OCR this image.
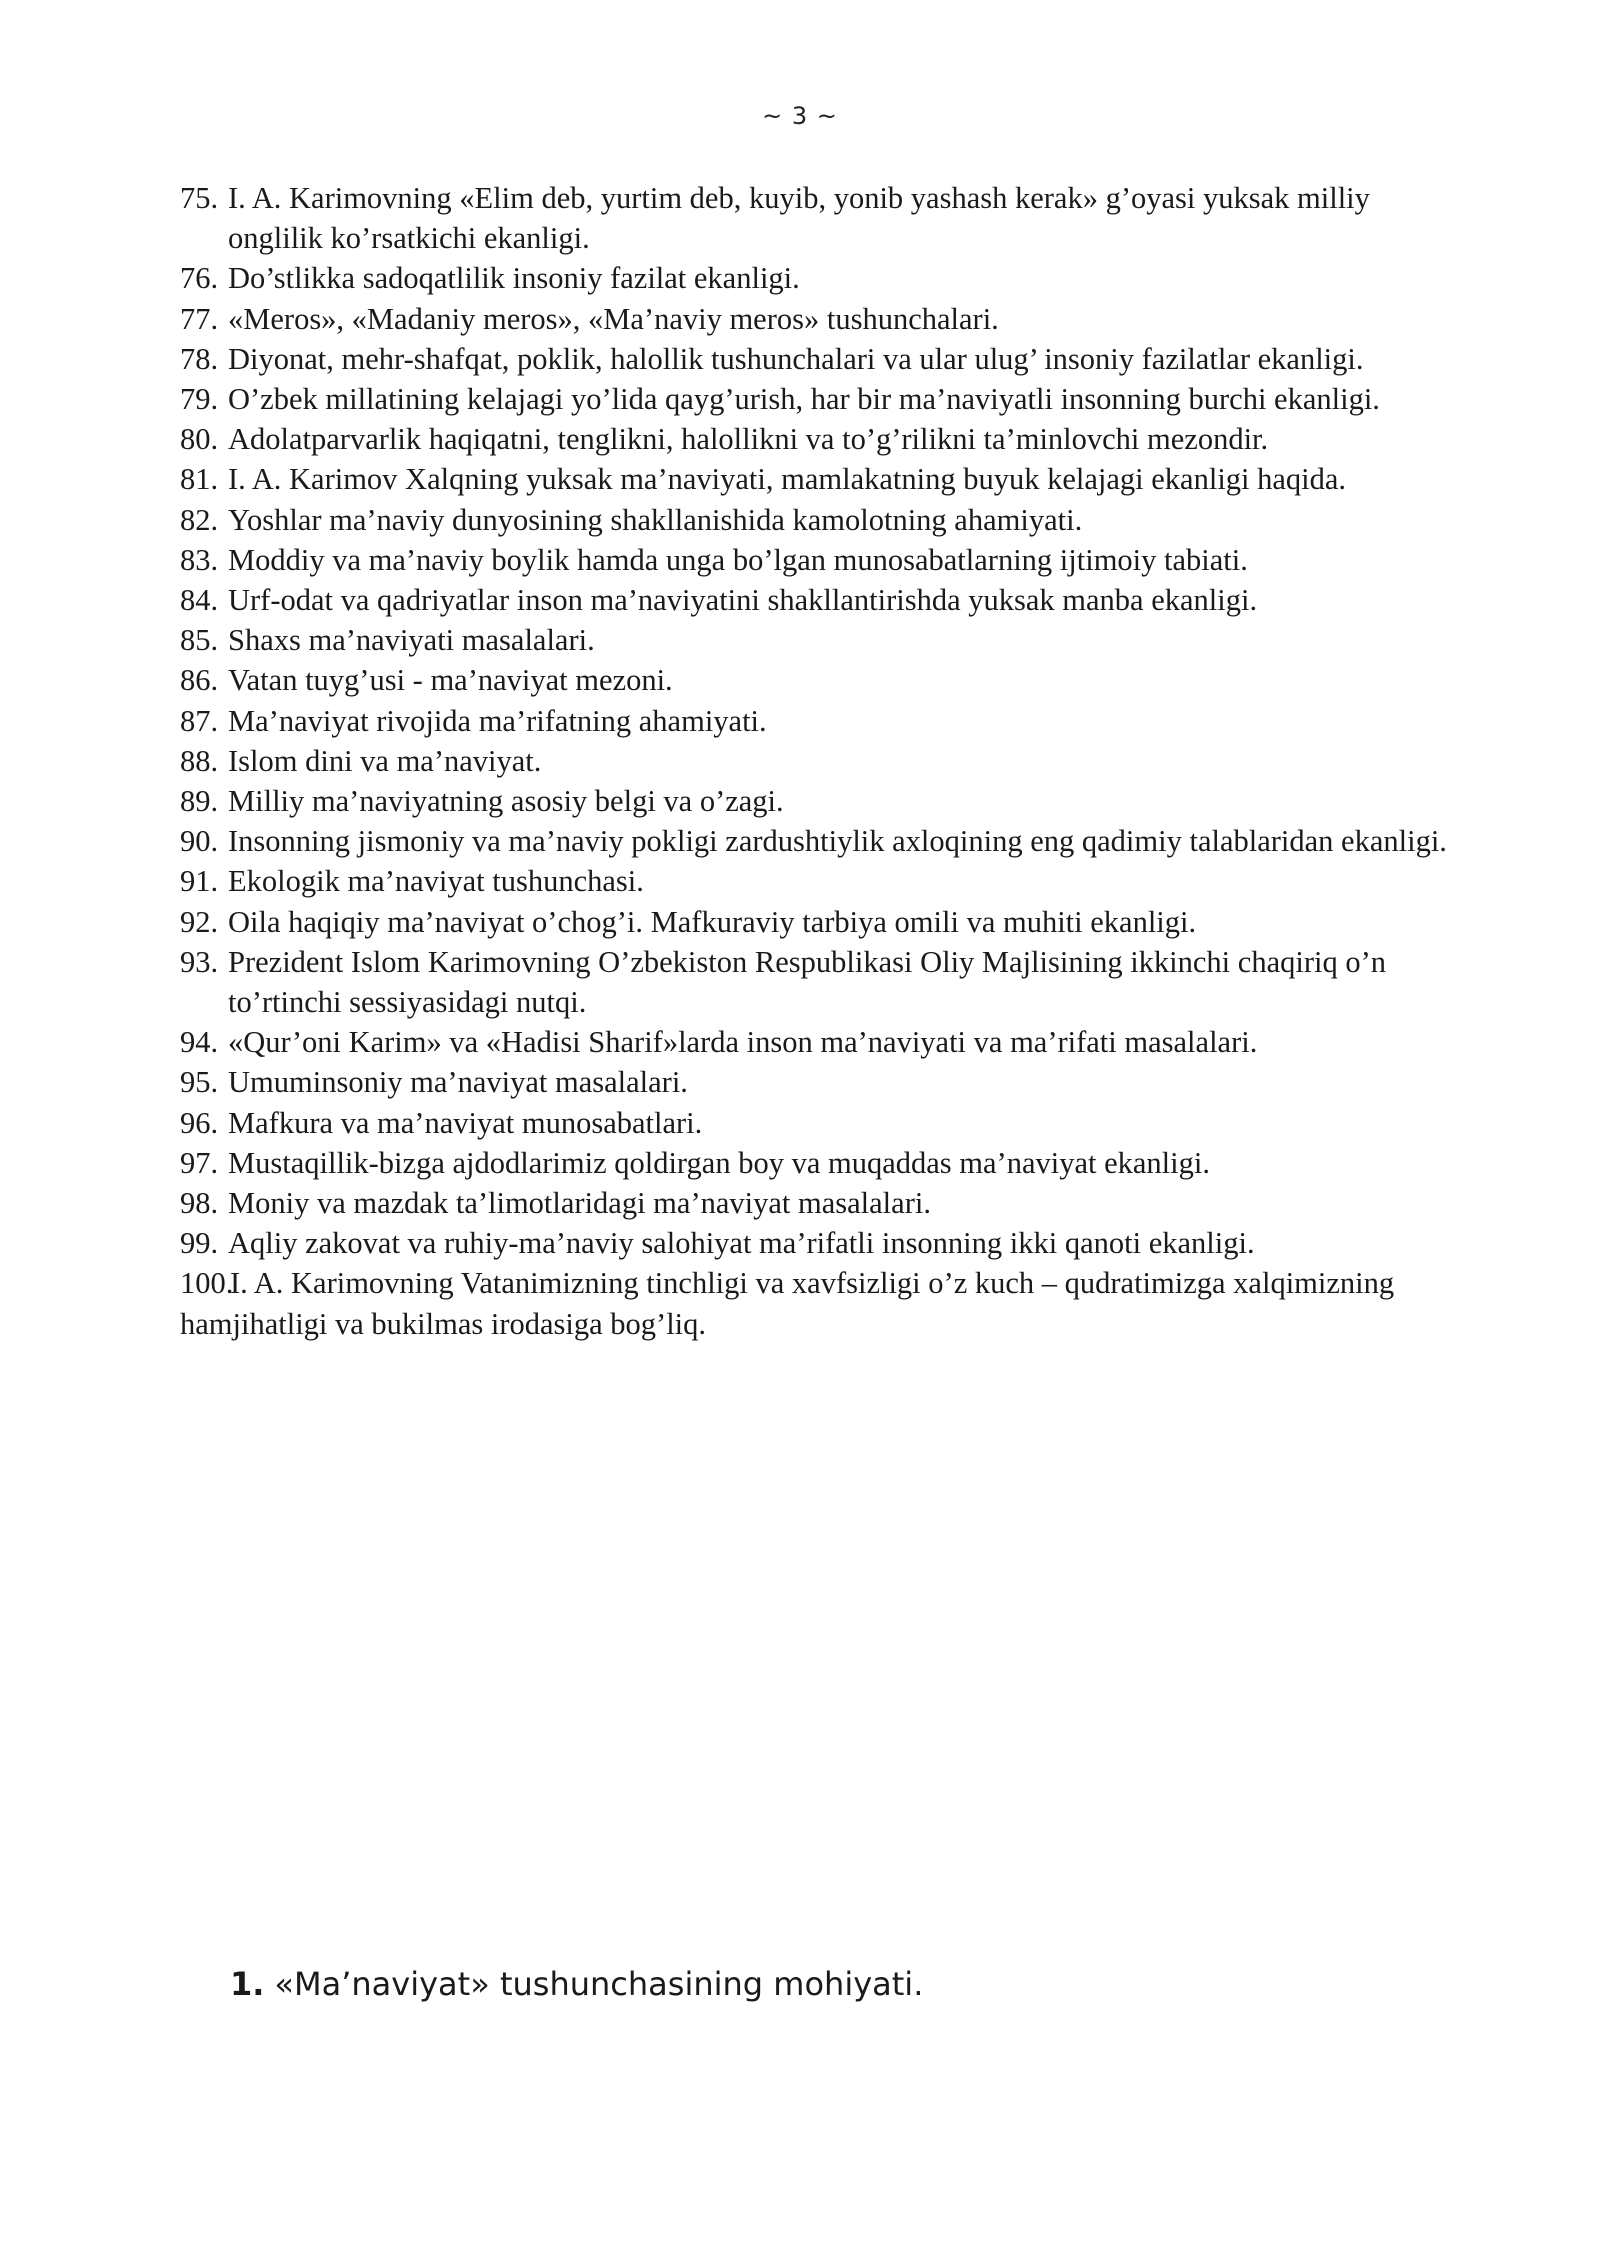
~ 3 ~
75. I. A. Karimovning «Elim deb, yurtim deb, kuyib, yonib yashash kerak» g’oyasi yuksak milliy onglilik ko’rsatkichi ekanligi.
76. Do’stlikka sadoqatlilik insoniy fazilat ekanligi.
77. «Meros», «Madaniy meros», «Ma’naviy meros» tushunchalari.
78. Diyonat, mehr-shafqat, poklik, halollik tushunchalari va ular ulug’ insoniy fazilatlar ekanligi.
79. O’zbek millatining kelajagi yo’lida qayg’urish, har bir ma’naviyatli insonning burchi ekanligi.
80. Adolatparvarlik haqiqatni, tenglikni, halollikni va to’g’rilikni ta’minlovchi mezondir.
81. I. A. Karimov Xalqning yuksak ma’naviyati, mamlakatning buyuk kelajagi ekanligi haqida.
82. Yoshlar ma’naviy dunyosining shakllanishida kamolotning ahamiyati.
83. Moddiy va ma’naviy boylik hamda unga bo’lgan munosabatlarning ijtimoiy tabiati.
84. Urf-odat va qadriyatlar inson ma’naviyatini shakllantirishda yuksak manba ekanligi.
85. Shaxs ma’naviyati masalalari.
86. Vatan tuyg’usi - ma’naviyat mezoni.
87. Ma’naviyat rivojida ma’rifatning ahamiyati.
88. Islom dini va ma’naviyat.
89. Milliy ma’naviyatning asosiy belgi va o’zagi.
90. Insonning jismoniy va ma’naviy pokligi zardushtiylik axloqining eng qadimiy talablaridan ekanligi.
91. Ekologik ma’naviyat tushunchasi.
92. Oila haqiqiy ma’naviyat o’chog’i. Mafkuraviy tarbiya omili va muhiti ekanligi.
93. Prezident Islom Karimovning O’zbekiston Respublikasi Oliy Majlisining ikkinchi chaqiriq o’n to’rtinchi sessiyasidagi nutqi.
94. «Qur’oni Karim» va «Hadisi Sharif»larda inson ma’naviyati va ma’rifati masalalari.
95. Umuminsoniy ma’naviyat masalalari.
96. Mafkura va ma’naviyat munosabatlari.
97. Mustaqillik-bizga ajdodlarimiz qoldirgan boy va muqaddas ma’naviyat ekanligi.
98. Moniy va mazdak ta’limotlaridagi ma’naviyat masalalari.
99. Aqliy zakovat va ruhiy-ma’naviy salohiyat ma’rifatli insonning ikki qanoti ekanligi.
100.
I. A. Karimovning Vatanimizning tinchligi va xavfsizligi o’z kuch – qudratimizga xalqimizning hamjihatligi va bukilmas irodasiga bog’liq.
1. «Ma’naviyat» tushunchasining mohiyati.
